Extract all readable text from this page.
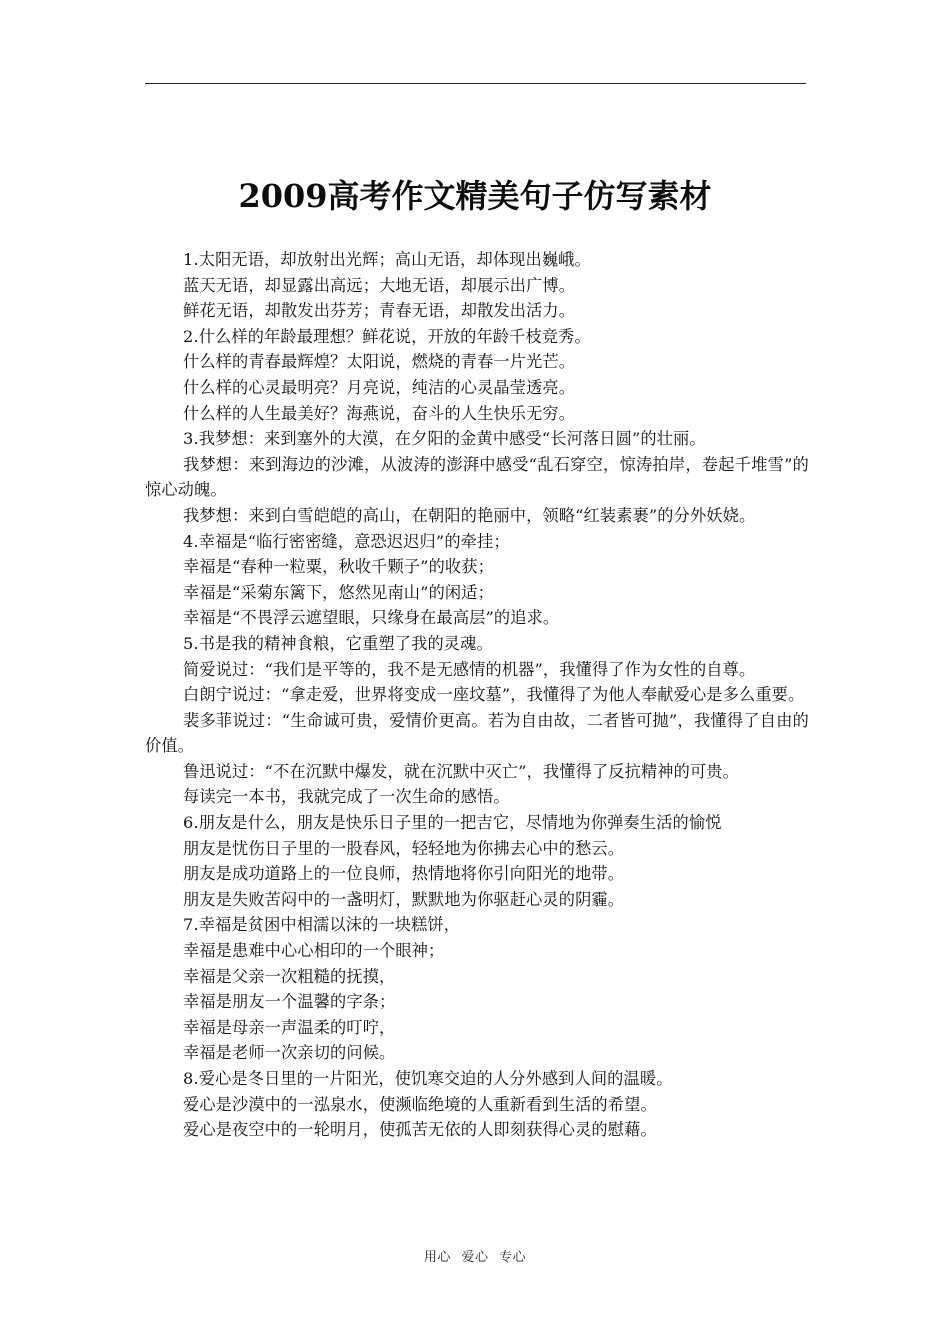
2009高考作文精美句子仿写素材

1.太阳无语，却放射出光辉；高山无语，却体现出巍峨。

蓝天无语，却显露出高远；大地无语，却展示出广博。

鲜花无语，却散发出芬芳；青春无语，却散发出活力。

2.什么样的年龄最理想？鲜花说，开放的年龄千枝竞秀。

什么样的青春最辉煌？太阳说，燃烧的青春一片光芒。

什么样的心灵最明亮？月亮说，纯洁的心灵晶莹透亮。

什么样的人生最美好？海燕说，奋斗的人生快乐无穷。

3.我梦想：来到塞外的大漠，在夕阳的金黄中感受“长河落日圆”的壮丽。

我梦想：来到海边的沙滩，从波涛的澎湃中感受“乱石穿空，惊涛拍岸，卷起千堆雪”的惊心动魄。

我梦想：来到白雪皑皑的高山，在朝阳的艳丽中，领略“红装素裹”的分外妖娆。

4.幸福是“临行密密缝，意恐迟迟归”的牵挂；

幸福是“春种一粒粟，秋收千颗子”的收获；

幸福是“采菊东篱下，悠然见南山”的闲适；

幸福是“不畏浮云遮望眼，只缘身在最高层”的追求。

5.书是我的精神食粮，它重塑了我的灵魂。

简爱说过：“我们是平等的，我不是无感情的机器”，我懂得了作为女性的自尊。

白朗宁说过：“拿走爱，世界将变成一座坟墓”，我懂得了为他人奉献爱心是多么重要。

裴多菲说过：“生命诚可贵，爱情价更高。若为自由故，二者皆可抛”，我懂得了自由的价值。

鲁迅说过：“不在沉默中爆发，就在沉默中灭亡”，我懂得了反抗精神的可贵。

每读完一本书，我就完成了一次生命的感悟。

6.朋友是什么，朋友是快乐日子里的一把吉它，尽情地为你弹奏生活的愉悦

朋友是忧伤日子里的一股春风，轻轻地为你拂去心中的愁云。

朋友是成功道路上的一位良师，热情地将你引向阳光的地带。

朋友是失败苦闷中的一盏明灯，默默地为你驱赶心灵的阴霾。

7.幸福是贫困中相濡以沫的一块糕饼，

幸福是患难中心心相印的一个眼神；

幸福是父亲一次粗糙的抚摸，

幸福是朋友一个温馨的字条；

幸福是母亲一声温柔的叮咛，

幸福是老师一次亲切的问候。

8.爱心是冬日里的一片阳光，使饥寒交迫的人分外感到人间的温暖。

爱心是沙漠中的一泓泉水，使濒临绝境的人重新看到生活的希望。

爱心是夜空中的一轮明月，使孤苦无依的人即刻获得心灵的慰藉。

用心 爱心 专心
